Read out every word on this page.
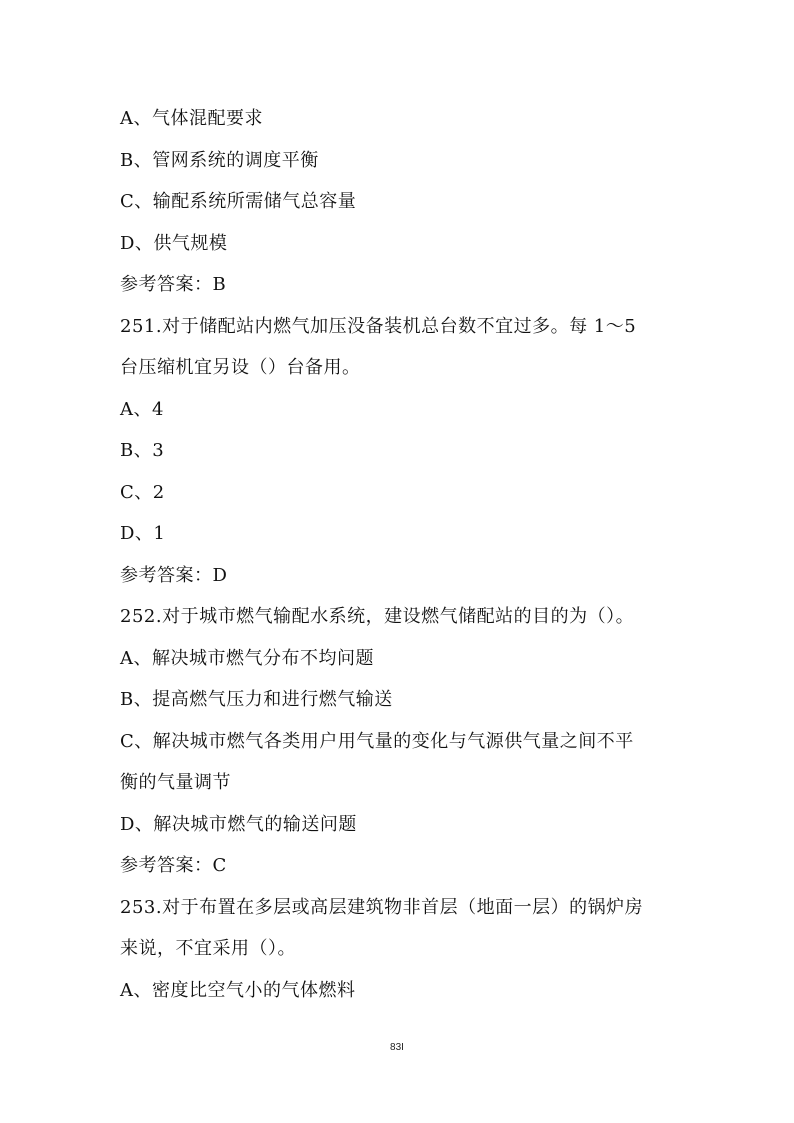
A、气体混配要求
B、管网系统的调度平衡
C、输配系统所需储气总容量
D、供气规模
参考答案：B
251.对于储配站内燃气加压没备装机总台数不宜过多。每 1～5
台压缩机宜另设（）台备用。
A、4
B、3
C、2
D、1
参考答案：D
252.对于城市燃气输配水系统，建设燃气储配站的目的为（）。
A、解决城市燃气分布不均问题
B、提高燃气压力和进行燃气输送
C、解决城市燃气各类用户用气量的变化与气源供气量之间不平
衡的气量调节
D、解决城市燃气的输送问题
参考答案：C
253.对于布置在多层或高层建筑物非首层（地面一层）的锅炉房
来说，不宜采用（）。
A、密度比空气小的气体燃料
83I
